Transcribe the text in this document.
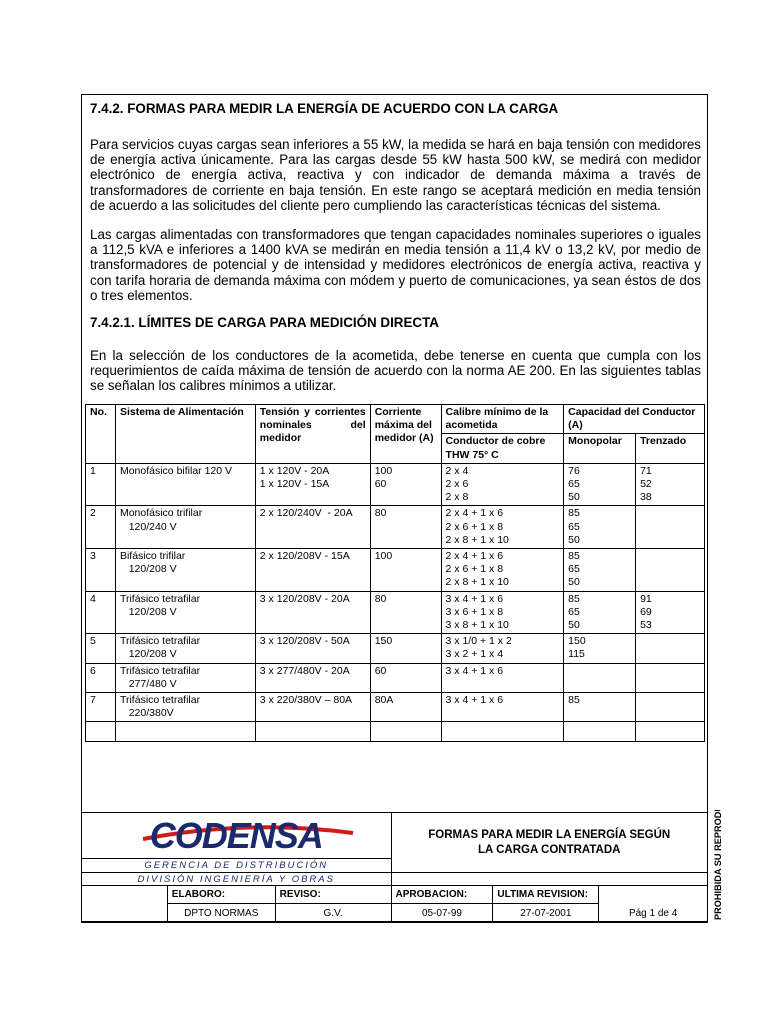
7.4.2. FORMAS PARA MEDIR LA ENERGÍA DE ACUERDO CON LA CARGA

Para servicios cuyas cargas sean inferiores a 55 kW, la medida se hará en baja tensión con medidores de energía activa únicamente. Para las cargas desde 55 kW hasta 500 kW, se medirá con medidor electrónico de energía activa, reactiva y con indicador de demanda máxima a través de transformadores de corriente en baja tensión. En este rango se aceptará medición en media tensión de acuerdo a las solicitudes del cliente pero cumpliendo las características técnicas del sistema.

Las cargas alimentadas con transformadores que tengan capacidades nominales superiores o iguales a 112,5 kVA e inferiores a 1400 kVA se medirán en media tensión a 11,4 kV o 13,2 kV, por medio de transformadores de potencial y de intensidad y medidores electrónicos de energía activa, reactiva y con tarifa horaria de demanda máxima con módem y puerto de comunicaciones, ya sean éstos de dos o tres elementos.

7.4.2.1. LÍMITES DE CARGA PARA MEDICIÓN DIRECTA

En la selección de los conductores de la acometida, debe tenerse en cuenta que cumpla con los requerimientos de caída máxima de tensión de acuerdo con la norma AE 200. En las siguientes tablas se señalan los calibres mínimos a utilizar.

No.	Sistema de Alimentación	Tensión y corrientes nominales del medidor	Corriente máxima del medidor (A)	Calibre mínimo de la acometida	Capacidad del Conductor (A)	
				Conductor de cobre THW 75° C	Monopolar	Trenzado
1	Monofásico bifilar 120 V	1 x 120V - 20A
1 x 120V - 15A	100
60	2 x 4
2 x 6
2 x 8	76
65
50	71
52
38
2	Monofásico trifilar
120/240 V	2 x 120/240V  - 20A	80	2 x 4 + 1 x 6
2 x 6 + 1 x 8
2 x 8 + 1 x 10	85
65
50	
3	Bifásico trifilar
120/208 V	2 x 120/208V - 15A	100	2 x 4 + 1 x 6
2 x 6 + 1 x 8
2 x 8 + 1 x 10	85
65
50	
4	Trifásico tetrafilar
120/208 V	3 x 120/208V - 20A	80	3 x 4 + 1 x 6
3 x 6 + 1 x 8
3 x 8 + 1 x 10	85
65
50	91
69
53
5	Trifásico tetrafilar
120/208 V	3 x 120/208V - 50A	150	3 x 1/0 + 1 x 2
3 x 2 + 1 x 4	150
115	
6	Trifásico tetrafilar
277/480 V	3 x 277/480V - 20A	60	3 x 4 + 1 x 6		
7	Trifásico tetrafilar
220/380V	3 x 220/380V – 80A	80A	3 x 4 + 1 x 6	85	

CODENSA			FORMAS PARA MEDIR LA ENERGÍA SEGÚN LA CARGA CONTRATADA		
GERENCIA DE DISTRIBUCIÓN					
DIVISIÓN INGENIERÍA Y OBRAS					
	ELABORO:	REVISO:	APROBACION:	ULTIMA REVISION:	Pág 1 de 4
	DPTO NORMAS	G.V.	05-07-99	27-07-2001		PROHIBIDA SU REPRODUCCION
